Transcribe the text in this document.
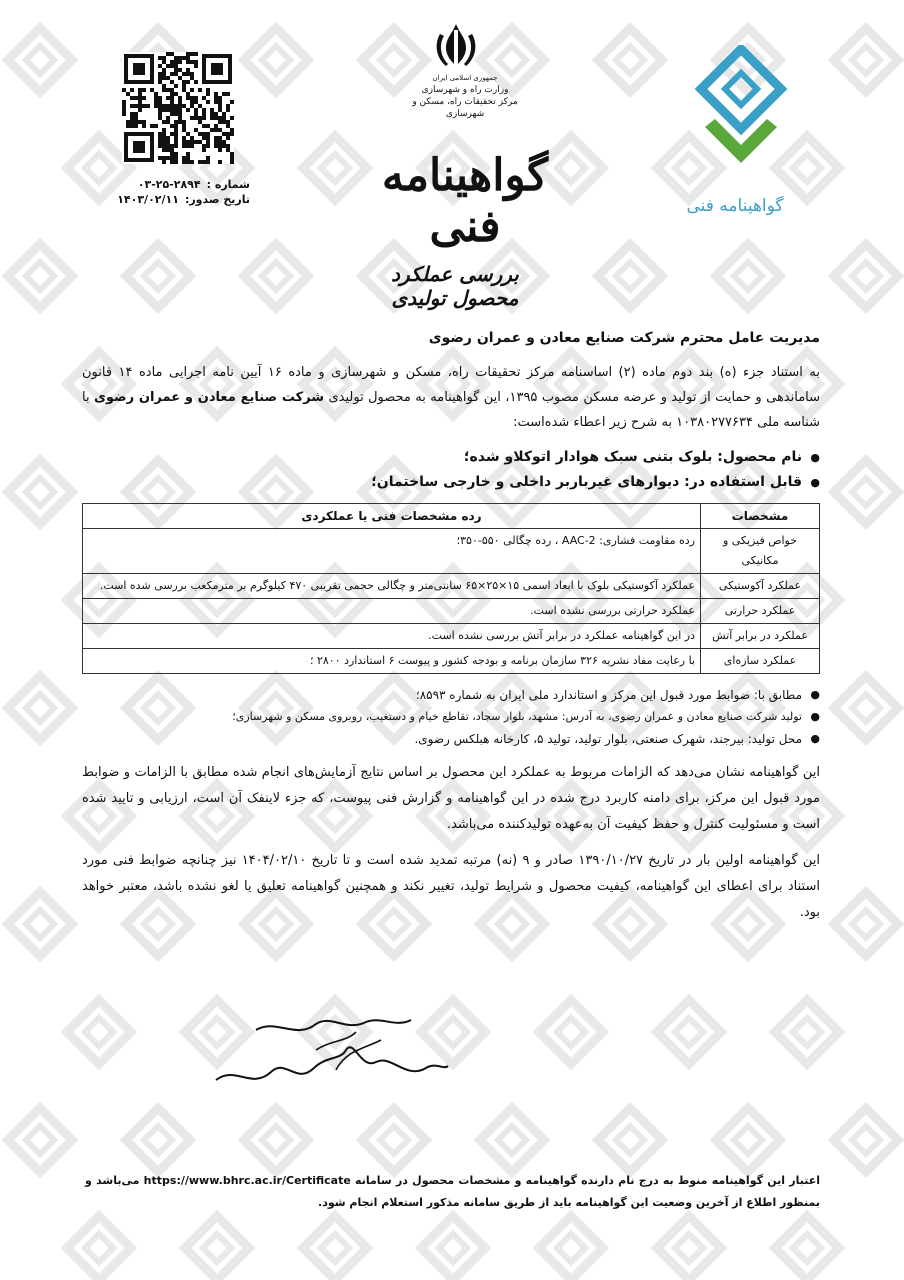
گواهینامه فنی
جمهوری اسلامی ایران
وزارت راه و شهرسازی
مرکز تحقیقات راه، مسکن و شهرسازی
گواهینامه فنی
بررسی عملکرد محصول تولیدی
شماره :
۰۳-۲۵-۲۸۹۴
تاریخ صدور:
۱۴۰۳/۰۲/۱۱
مدیریت عامل محترم شرکت صنایع معادن و عمران رضوی

به استناد جزء (ه) بند دوم ماده (۲) اساسنامه مرکز تحقیقات راه، مسکن و شهرسازی و ماده ۱۶ آیین نامه اجرایی ماده ۱۴ قانون ساماندهی و حمایت از تولید و عرضه مسکن مصوب ۱۳۹۵، این گواهینامه به محصول تولیدی شرکت صنایع معادن و عمران رضوی با شناسه ملی ۱۰۳۸۰۲۷۷۶۳۴ به شرح زیر اعطاء شده‌است:

● نام محصول: بلوک بتنی سبک هوادار اتوکلاو شده؛
● قابل استفاده در: دیوارهای غیرباربر داخلی و خارجی ساختمان؛
مشخصات	رده مشخصات فنی یا عملکردی
خواص فیزیکی و مکانیکی	رده مقاومت فشاری: AAC-2 ، رده چگالی ۵۵۰-۳۵۰؛
عملکرد آکوستیکی	عملکرد آکوستیکی بلوک با ابعاد اسمی ۱۵×۲۵×۶۵ سانتی‌متر و چگالی حجمی تقریبی ۴۷۰ کیلوگرم بر مترمکعب بررسی شده است.
عملکرد حرارتی	عملکرد حرارتی بررسی نشده است.
عملکرد در برابر آتش	در این گواهینامه عملکرد در برابر آتش بررسی نشده است.
عملکرد سازه‌ای	با رعایت مفاد نشریه ۳۲۶ سازمان برنامه و بودجه کشور و پیوست ۶ استاندارد ۲۸۰۰ ؛
● مطابق با: ضوابط مورد قبول این مرکز و استاندارد ملی ایران به شماره ۸۵۹۳؛
● تولید شرکت صنایع معادن و عمران رضوی، به آدرس: مشهد، بلوار سجاد، تقاطع خیام و دستغیب، روبروی مسکن و شهرسازی؛
● محل تولید: بیرجند، شهرک صنعتی، بلوار تولید، تولید ۵، کارخانه هبلکس رضوی.

این گواهینامه نشان می‌دهد که الزامات مربوط به عملکرد این محصول بر اساس نتایج آزمایش‌های انجام شده مطابق با الزامات و ضوابط مورد قبول این مرکز، برای دامنه کاربرد درج شده در این گواهینامه و گزارش فنی پیوست، که جزء لاینفک آن است، ارزیابی و تایید شده است و مسئولیت کنترل و حفظ کیفیت آن به‌عهده تولیدکننده می‌باشد.

این گواهینامه اولین بار در تاریخ ۱۳۹۰/۱۰/۲۷ صادر و ۹ (نه) مرتبه تمدید شده است و تا تاریخ ۱۴۰۴/۰۲/۱۰ نیز چنانچه ضوابط فنی مورد استناد برای اعطای این گواهینامه، کیفیت محصول و شرایط تولید، تغییر نکند و همچنین گواهینامه تعلیق یا لغو نشده باشد، معتبر خواهد بود.

اعتبار این گواهینامه منوط به درج نام دارنده گواهینامه و مشخصات محصول در سامانه https://www.bhrc.ac.ir/Certificate می‌باشد و بمنظور اطلاع از آخرین وضعیت این گواهینامه باید از طریق سامانه مذکور استعلام انجام شود.
